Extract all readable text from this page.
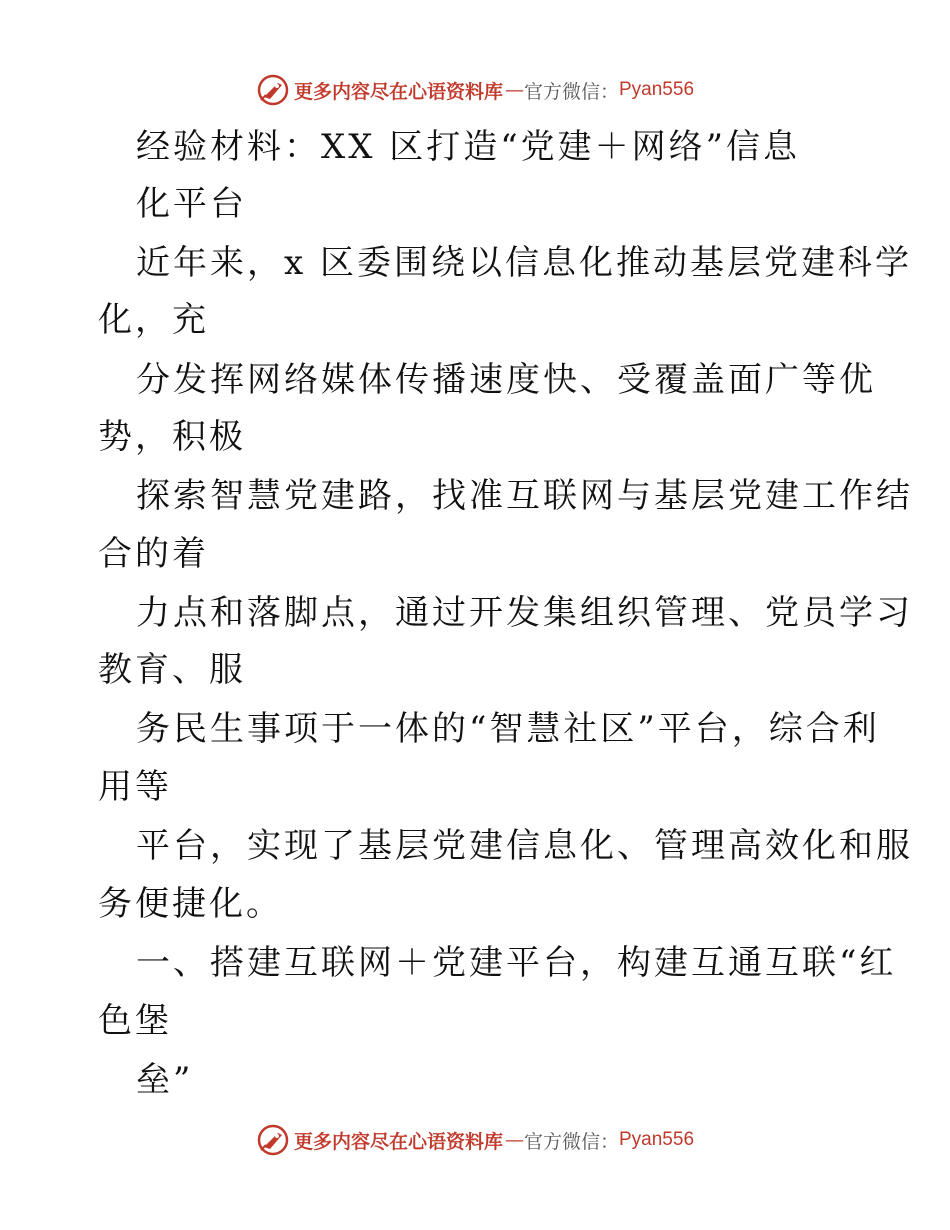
更多内容尽在心语资料库 — 官方微信： Pyan556
经验材料：XX 区打造“党建＋网络”信息
化平台
近年来，x 区委围绕以信息化推动基层党建科学
化，充
分发挥网络媒体传播速度快、受覆盖面广等优
势，积极
探索智慧党建路，找准互联网与基层党建工作结
合的着
力点和落脚点，通过开发集组织管理、党员学习
教育、服
务民生事项于一体的“智慧社区”平台，综合利
用等
平台，实现了基层党建信息化、管理高效化和服
务便捷化。
一、搭建互联网＋党建平台，构建互通互联“红
色堡
垒”
更多内容尽在心语资料库 — 官方微信： Pyan556
